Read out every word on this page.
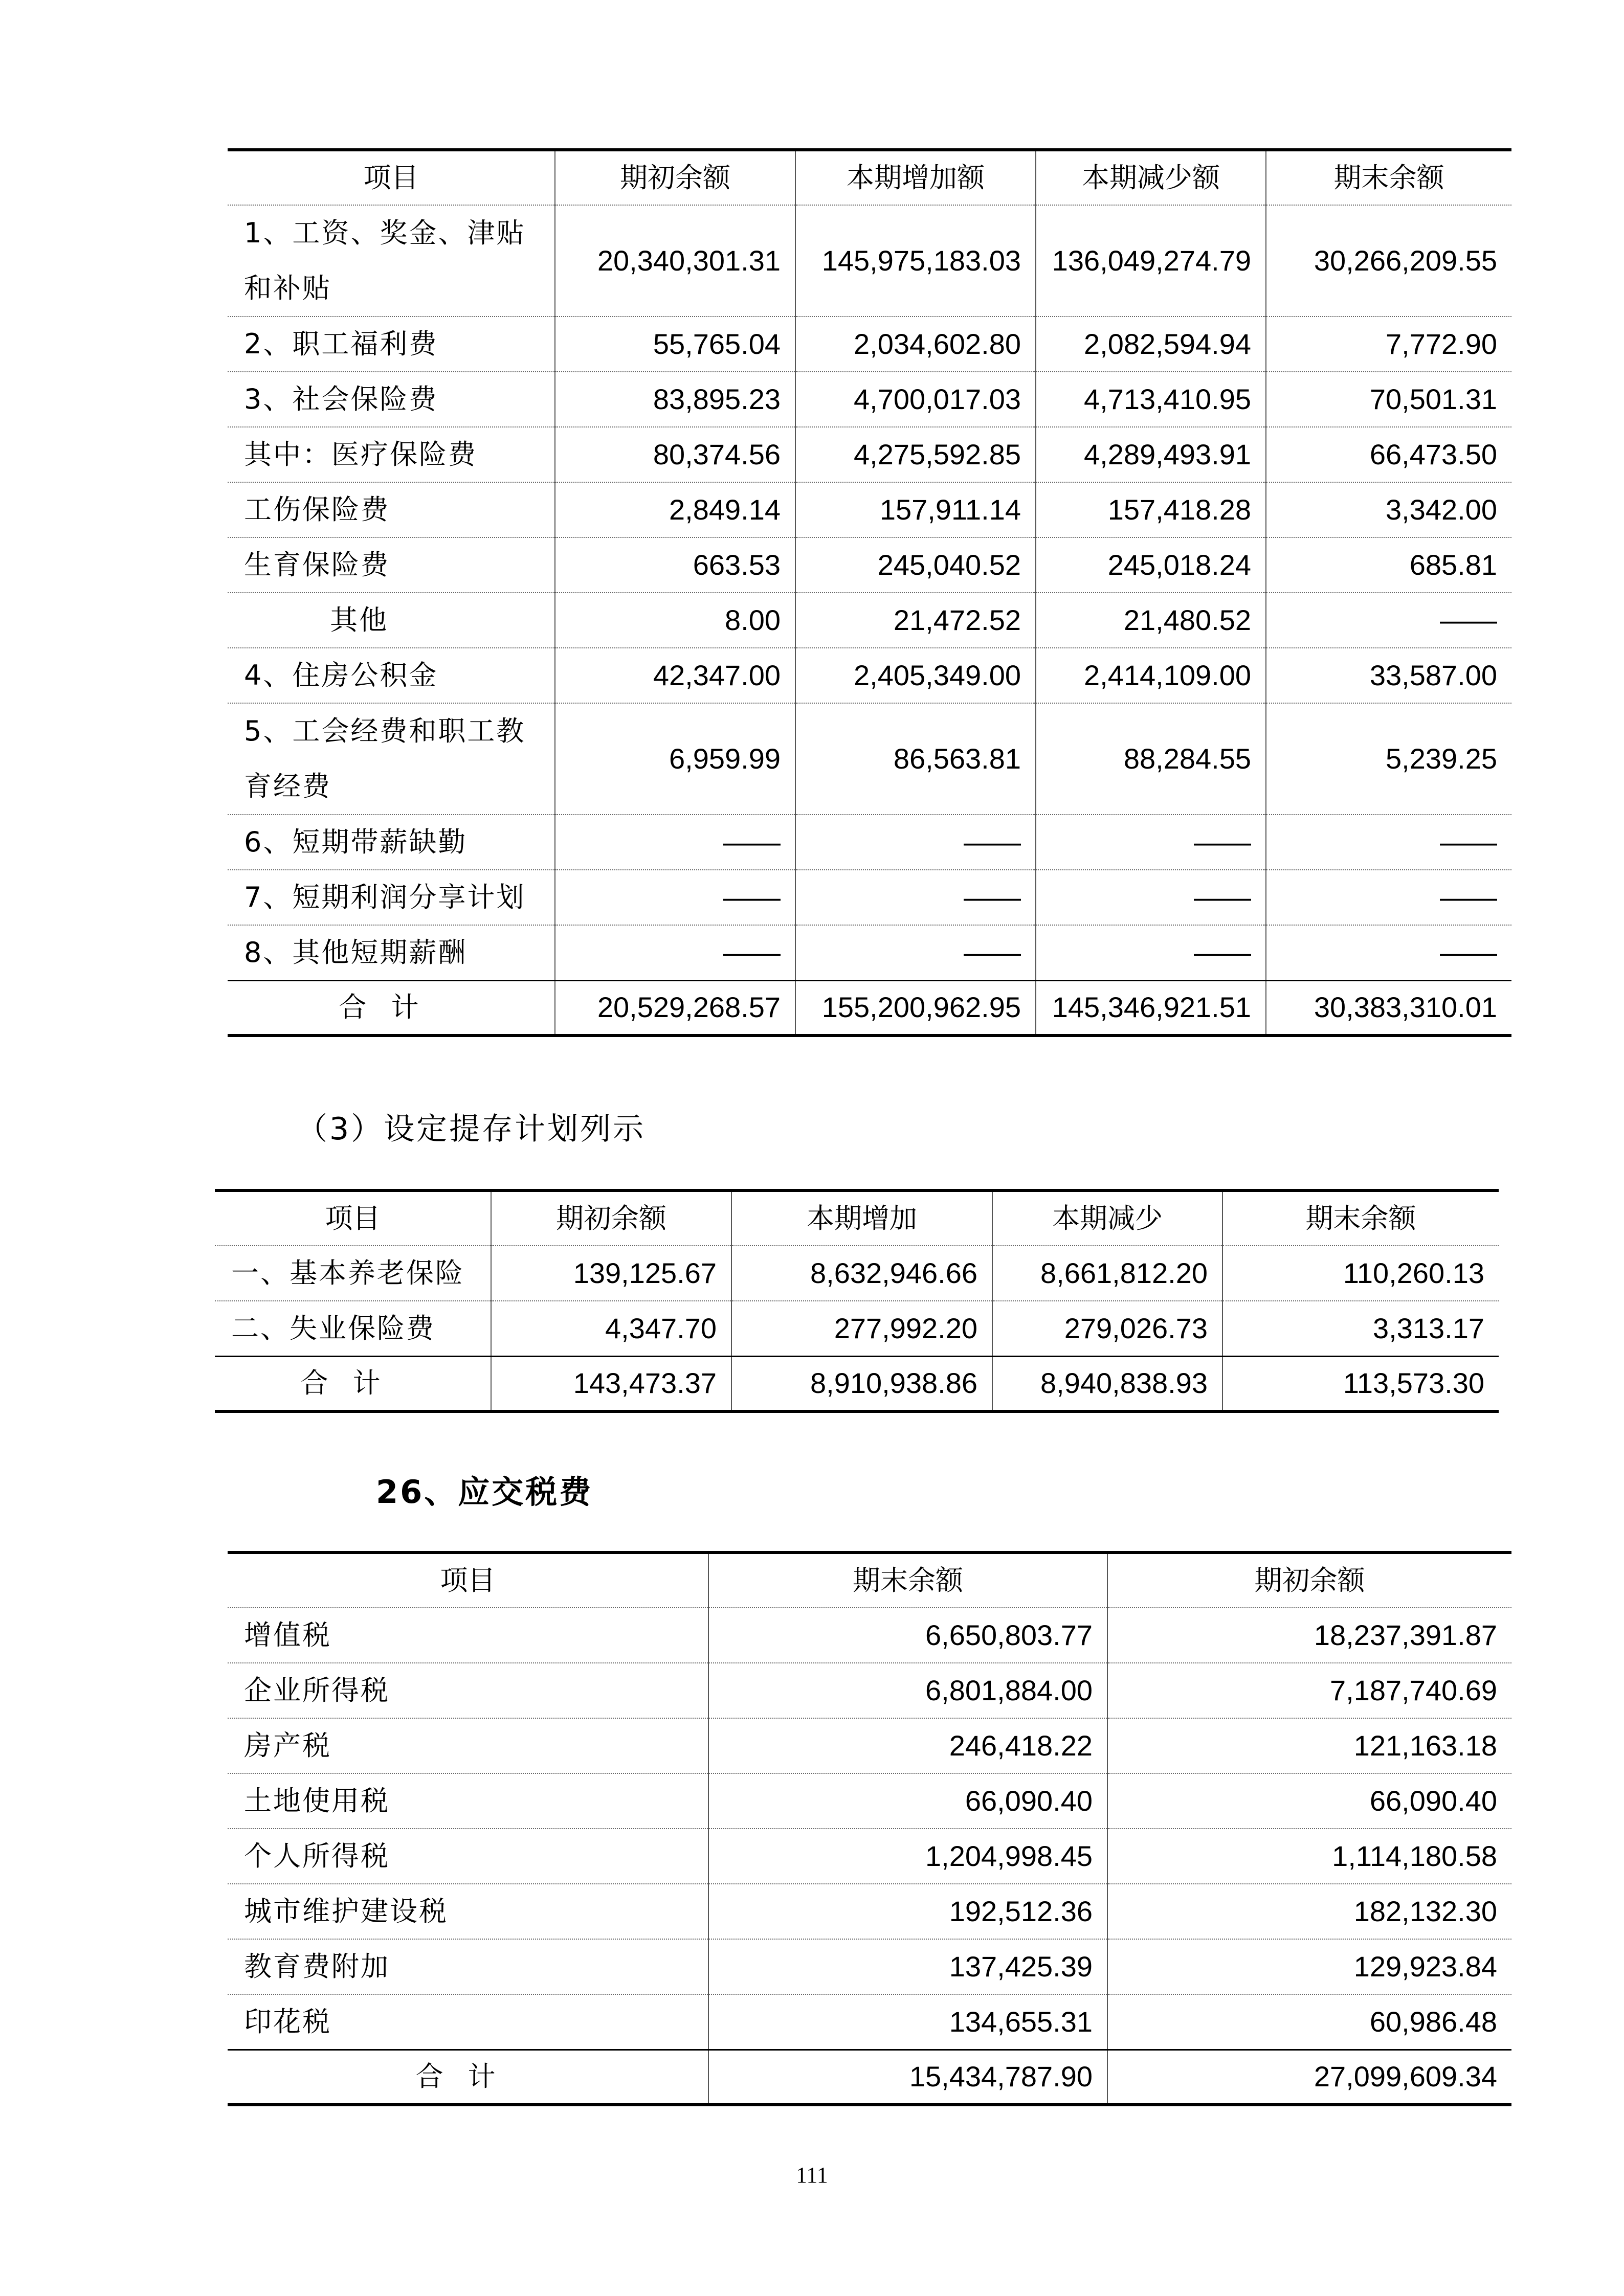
项目	期初余额	本期增加额	本期减少额	期末余额
1、工资、奖金、津贴和补贴	20,340,301.31	145,975,183.03	136,049,274.79	30,266,209.55
2、职工福利费	55,765.04	2,034,602.80	2,082,594.94	7,772.90
3、社会保险费	83,895.23	4,700,017.03	4,713,410.95	70,501.31
其中：医疗保险费	80,374.56	4,275,592.85	4,289,493.91	66,473.50
工伤保险费	2,849.14	157,911.14	157,418.28	3,342.00
生育保险费	663.53	245,040.52	245,018.24	685.81
其他	8.00	21,472.52	21,480.52	——
4、住房公积金	42,347.00	2,405,349.00	2,414,109.00	33,587.00
5、工会经费和职工教育经费	6,959.99	86,563.81	88,284.55	5,239.25
6、短期带薪缺勤	——	——	——	——
7、短期利润分享计划	——	——	——	——
8、其他短期薪酬	——	——	——	——
合计	20,529,268.57	155,200,962.95	145,346,921.51	30,383,310.01
（3）设定提存计划列示
项目	期初余额	本期增加	本期减少	期末余额
一、基本养老保险	139,125.67	8,632,946.66	8,661,812.20	110,260.13
二、失业保险费	4,347.70	277,992.20	279,026.73	3,313.17
合计	143,473.37	8,910,938.86	8,940,838.93	113,573.30
26、应交税费
项目	期末余额	期初余额
增值税	6,650,803.77	18,237,391.87
企业所得税	6,801,884.00	7,187,740.69
房产税	246,418.22	121,163.18
土地使用税	66,090.40	66,090.40
个人所得税	1,204,998.45	1,114,180.58
城市维护建设税	192,512.36	182,132.30
教育费附加	137,425.39	129,923.84
印花税	134,655.31	60,986.48
合计	15,434,787.90	27,099,609.34
111
